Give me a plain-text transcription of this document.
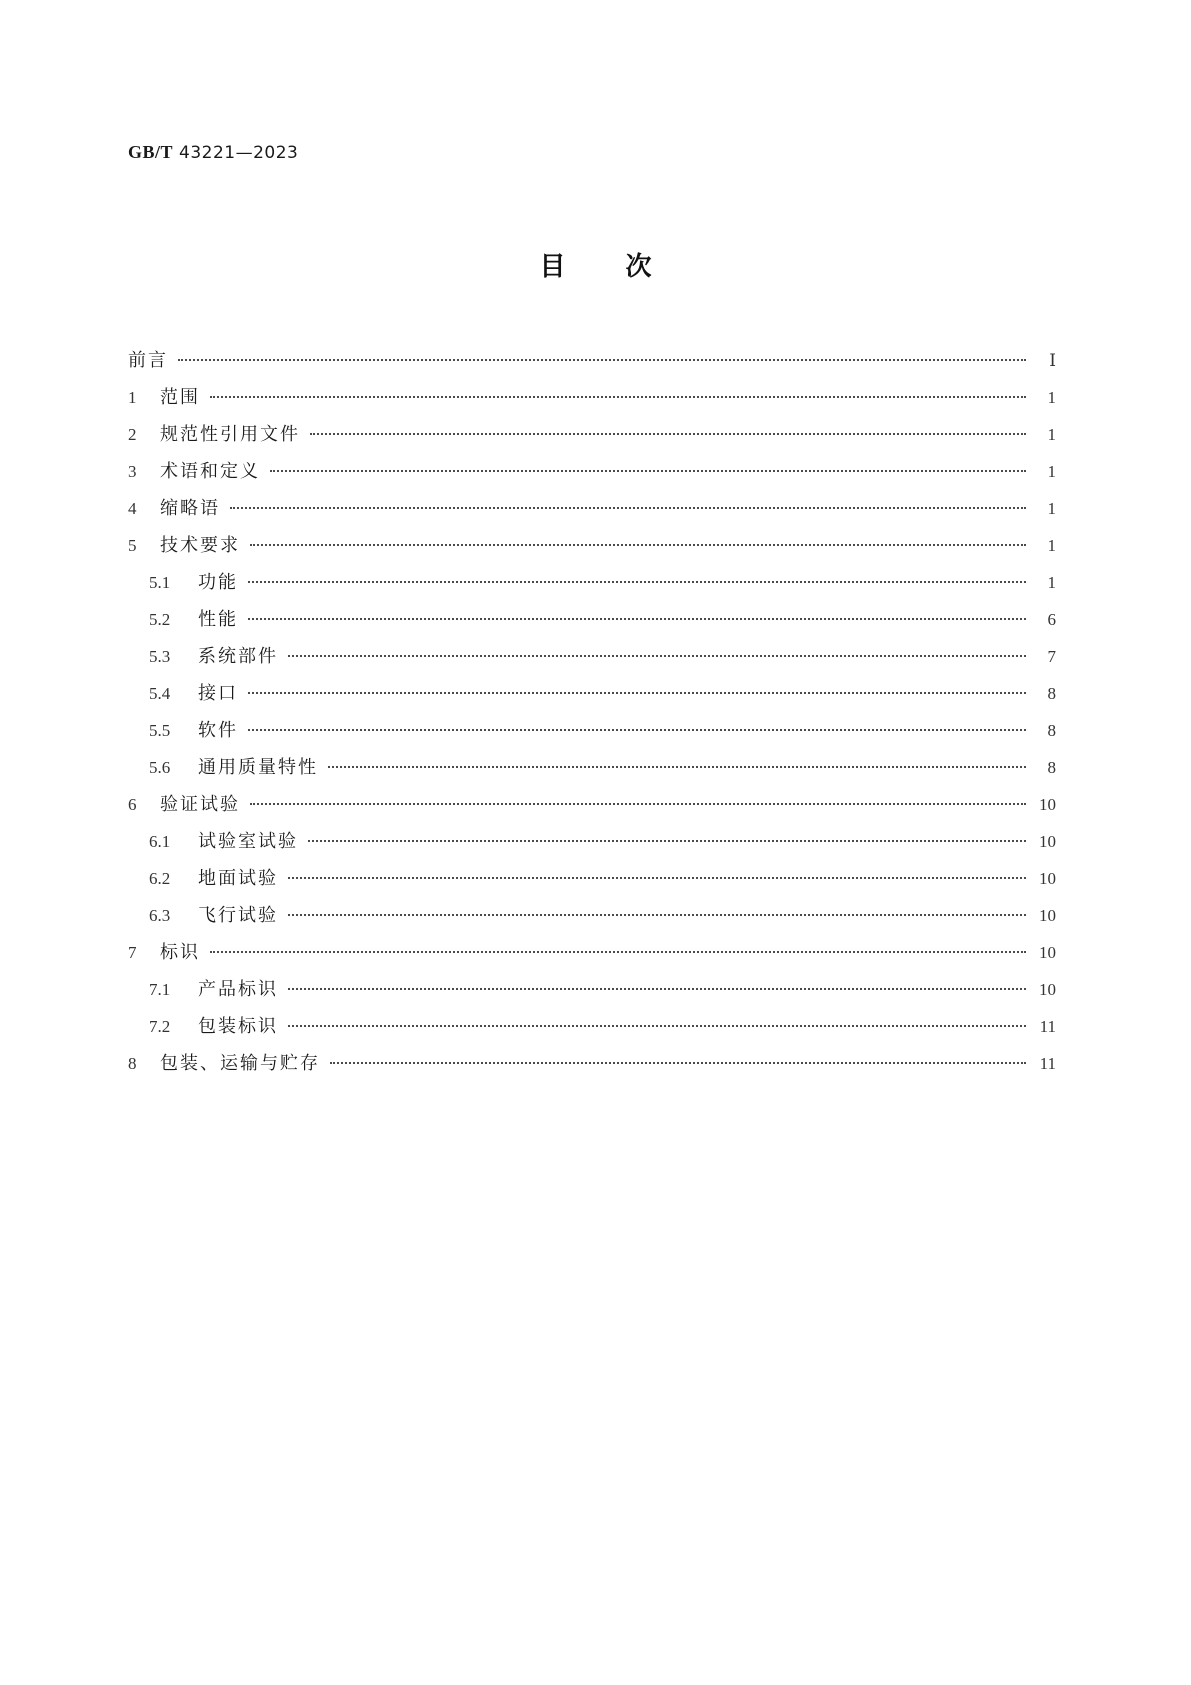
GB/T 43221—2023
目次
前言	Ⅰ
1	范围	1
2	规范性引用文件	1
3	术语和定义	1
4	缩略语	1
5	技术要求	1
5.1	功能	1
5.2	性能	6
5.3	系统部件	7
5.4	接口	8
5.5	软件	8
5.6	通用质量特性	8
6	验证试验	10
6.1	试验室试验	10
6.2	地面试验	10
6.3	飞行试验	10
7	标识	10
7.1	产品标识	10
7.2	包装标识	11
8	包装、运输与贮存	11
